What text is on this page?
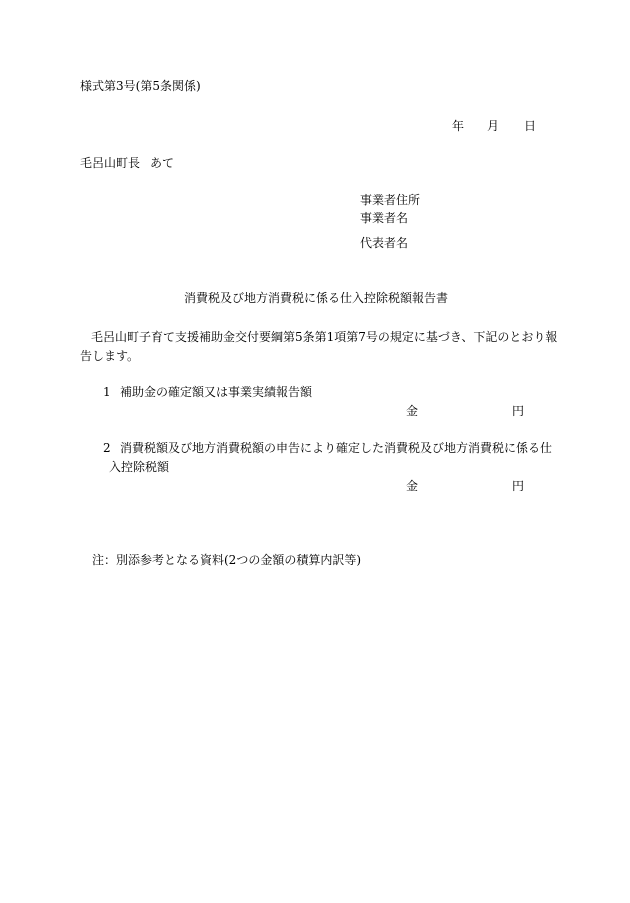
様式第3号(第5条関係)
年 月 日
毛呂山町長 あて
事業者住所
事業者名
代表者名
消費税及び地方消費税に係る仕入控除税額報告書
毛呂山町子育て支援補助金交付要綱第5条第1項第7号の規定に基づき、下記のとおり報
告します。
1 補助金の確定額又は事業実績報告額
金	円
2 消費税額及び地方消費税額の申告により確定した消費税及び地方消費税に係る仕
入控除税額
金	円
注：別添参考となる資料(2つの金額の積算内訳等)
